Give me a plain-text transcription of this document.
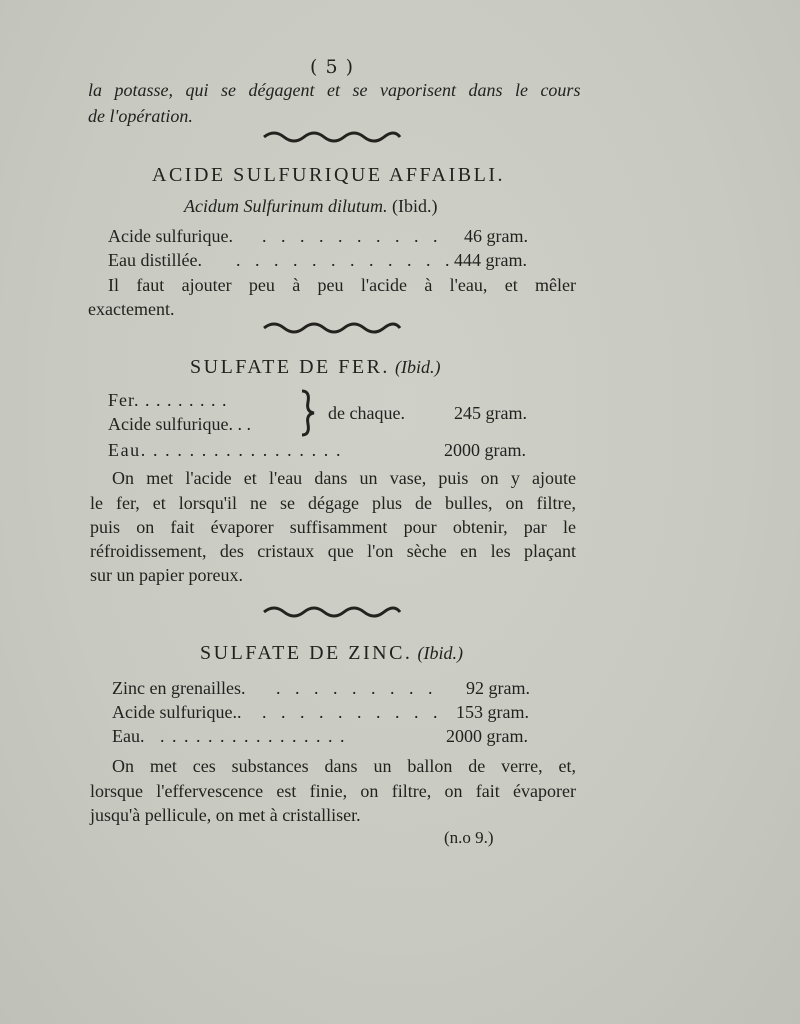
( 5 )
la potasse, qui se dégagent et se vaporisent dans le cours
de l'opération.
ACIDE SULFURIQUE AFFAIBLI.
Acidum Sulfurinum dilutum. (Ibid.)
Acide sulfurique. . . . . . . . . . . 46 gram.
Eau distillée. . . . . . . . . . . . . 444 gram.
Il faut ajouter peu à peu l'acide à l'eau, et mêler
exactement.
SULFATE DE FER. (Ibid.)
Fer. . . . . . . . .
Acide sulfurique. . .
de chaque.	245 gram.
Eau. . . . . . . . . . . . . . . . .	2000 gram.
On met l'acide et l'eau dans un vase, puis on y ajoute
le fer, et lorsqu'il ne se dégage plus de bulles, on filtre,
puis on fait évaporer suffisamment pour obtenir, par le
réfroidissement, des cristaux que l'on sèche en les plaçant
sur un papier poreux.
SULFATE DE ZINC. (Ibid.)
Zinc en grenailles. . . . . . . . . . 92 gram.
Acide sulfurique.. . . . . . . . . . . 153 gram.
Eau. . . . . . . . . . . . . . . . .	2000 gram.
On met ces substances dans un ballon de verre, et,
lorsque l'effervescence est finie, on filtre, on fait évaporer
jusqu'à pellicule, on met à cristalliser.
(n.o 9.)
